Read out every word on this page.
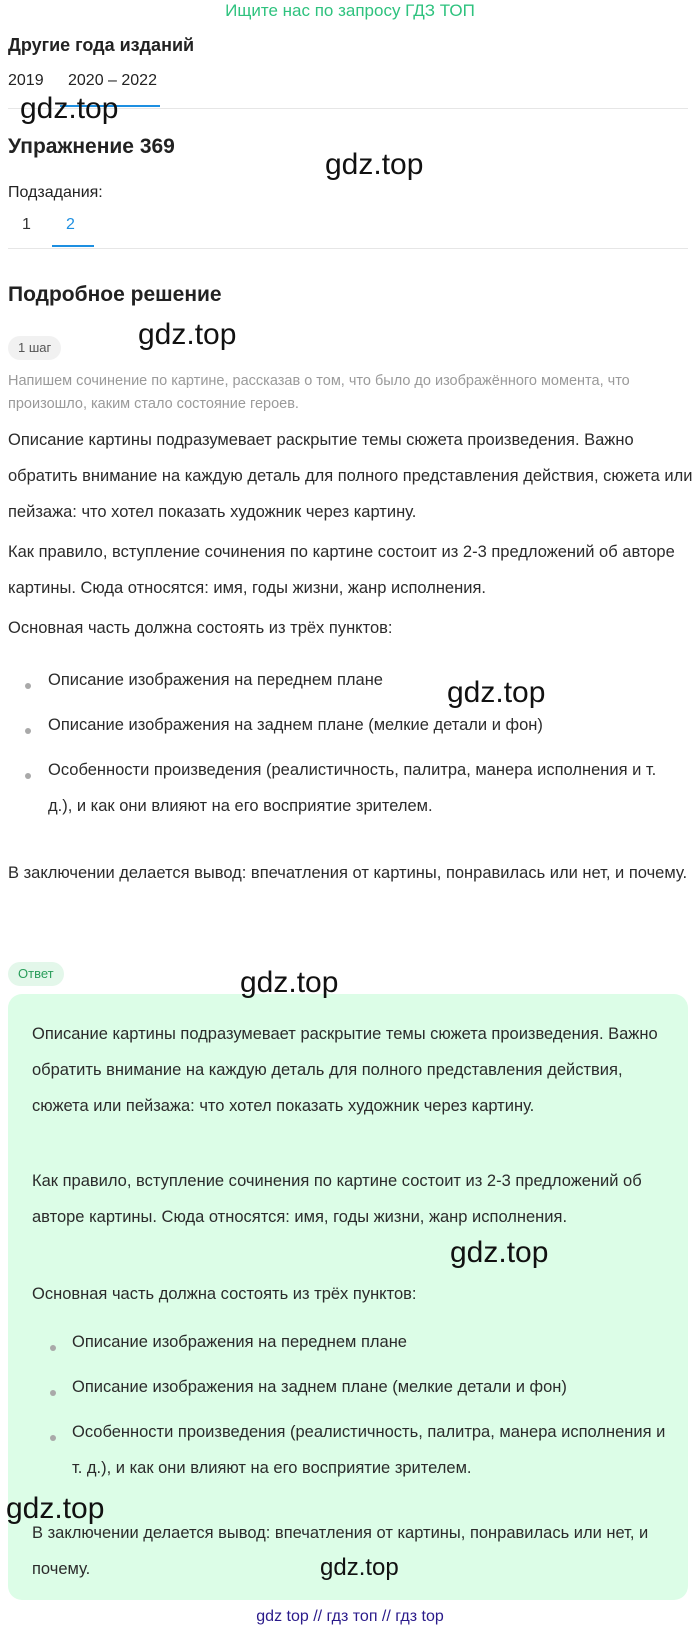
Ищите нас по запросу ГДЗ ТОП
Другие года изданий
2019 2020 – 2022
Упражнение 369
Подзадания:
1 2
Подробное решение
1 шаг
Напишем сочинение по картине, рассказав о том, что было до изображённого момента, что произошло, каким стало состояние героев.

Описание картины подразумевает раскрытие темы сюжета произведения. Важно обратить внимание на каждую деталь для полного представления действия, сюжета или пейзажа: что хотел показать художник через картину.

Как правило, вступление сочинения по картине состоит из 2-3 предложений об авторе картины. Сюда относятся: имя, годы жизни, жанр исполнения.

Основная часть должна состоять из трёх пунктов:

Описание изображения на переднем плане
Описание изображения на заднем плане (мелкие детали и фон)
Особенности произведения (реалистичность, палитра, манера исполнения и т. д.), и как они влияют на его восприятие зрителем.

В заключении делается вывод: впечатления от картины, понравилась или нет, и почему.

Ответ

Описание картины подразумевает раскрытие темы сюжета произведения. Важно обратить внимание на каждую деталь для полного представления действия, сюжета или пейзажа: что хотел показать художник через картину.

Как правило, вступление сочинения по картине состоит из 2-3 предложений об авторе картины. Сюда относятся: имя, годы жизни, жанр исполнения.

Основная часть должна состоять из трёх пунктов:

Описание изображения на переднем плане
Описание изображения на заднем плане (мелкие детали и фон)
Особенности произведения (реалистичность, палитра, манера исполнения и т. д.), и как они влияют на его восприятие зрителем.

В заключении делается вывод: впечатления от картины, понравилась или нет, и почему.

gdz.top
gdz.top
gdz.top
gdz.top
gdz.top
gdz.top
gdz.top
gdz.top
gdz top // гдз топ // гдз top
